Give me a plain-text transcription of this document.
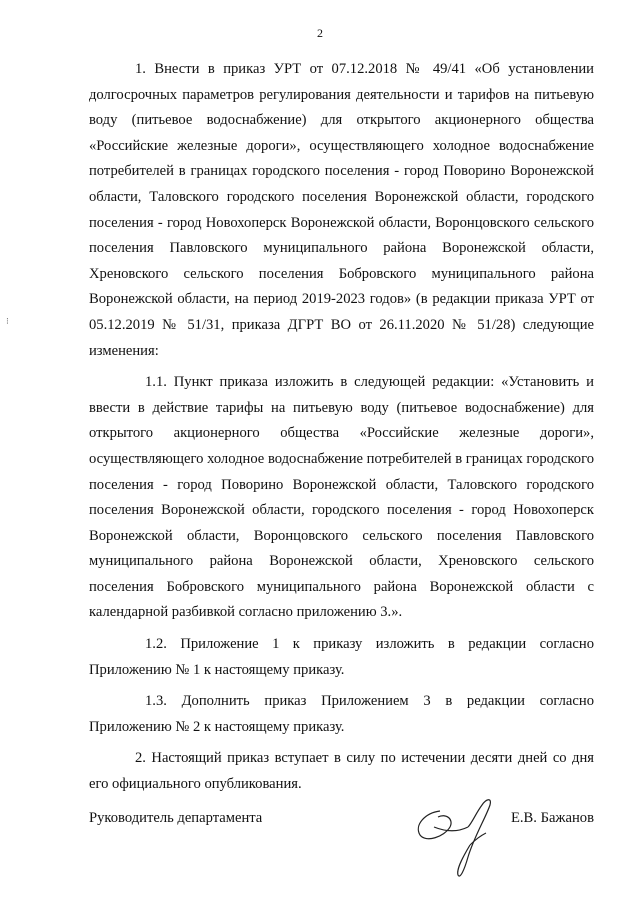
2
⁝

1. Внести в приказ УРТ от 07.12.2018 № 49/41 «Об установлении долгосрочных параметров регулирования деятельности и тарифов на питьевую воду (питьевое водоснабжение) для открытого акционерного общества «Российские железные дороги», осуществляющего холодное водоснабжение потребителей в границах городского поселения - город Поворино Воронежской области, Таловского городского поселения Воронежской области, городского поселения - город Новохоперск Воронежской области, Воронцовского сельского поселения Павловского муниципального района Воронежской области, Хреновского сельского поселения Бобровского муниципального района Воронежской области, на период 2019-2023 годов» (в редакции приказа УРТ от 05.12.2019 № 51/31, приказа ДГРТ ВО от 26.11.2020 № 51/28) следующие изменения:

1.1. Пункт приказа изложить в следующей редакции: «Установить и ввести в действие тарифы на питьевую воду (питьевое водоснабжение) для открытого акционерного общества «Российские железные дороги», осуществляющего холодное водоснабжение потребителей в границах городского поселения - город Поворино Воронежской области, Таловского городского поселения Воронежской области, городского поселения - город Новохоперск Воронежской области, Воронцовского сельского поселения Павловского муниципального района Воронежской области, Хреновского сельского поселения Бобровского муниципального района Воронежской области с календарной разбивкой согласно приложению 3.».

1.2. Приложение 1 к приказу изложить в редакции согласно Приложению № 1 к настоящему приказу.

1.3. Дополнить приказ Приложением 3 в редакции согласно Приложению № 2 к настоящему приказу.

2. Настоящий приказ вступает в силу по истечении десяти дней со дня его официального опубликования.

Руководитель департамента	Е.В. Бажанов
